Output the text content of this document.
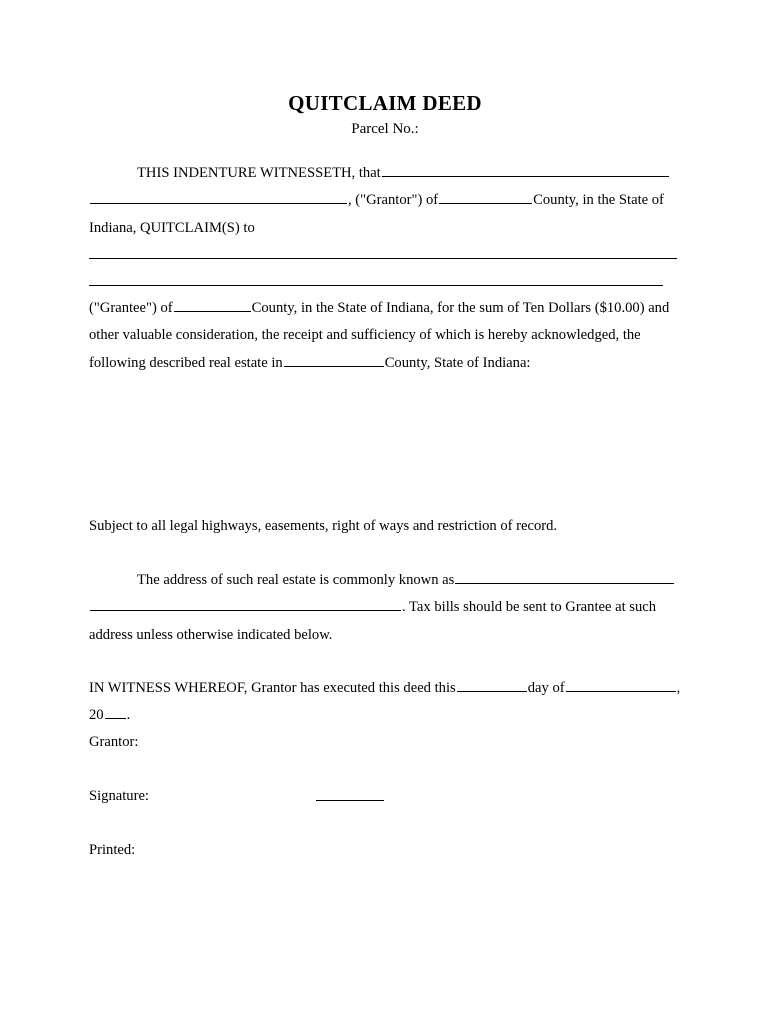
QUITCLAIM DEED
Parcel No.:

THIS INDENTURE WITNESSETH, that, ("Grantor") of	County, in the State of Indiana, QUITCLAIM(S) to

("Grantee") of	County, in the State of Indiana, for the sum of Ten Dollars ($10.00) and other valuable consideration, the receipt and sufficiency of which is hereby acknowledged, the following described real estate in	County, State of Indiana:

Subject to all legal highways, easements, right of ways and restriction of record.

The address of such real estate is commonly known as. Tax bills should be sent to Grantee at such address unless otherwise indicated below.

IN WITNESS WHEREOF, Grantor has executed this deed this	day of	, 20 .

Grantor:
Signature:
Printed:
